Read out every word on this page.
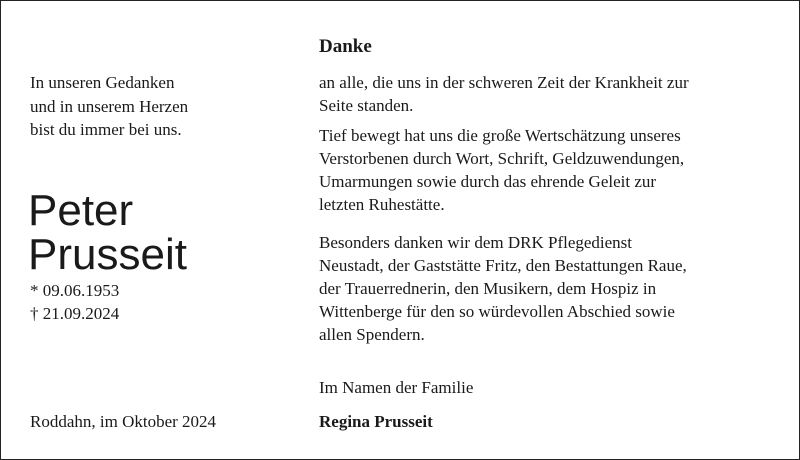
In unseren Gedanken
und in unserem Herzen
bist du immer bei uns.
Peter
Prusseit
* 09.06.1953
† 21.09.2024
Roddahn, im Oktober 2024
Danke
an alle, die uns in der schweren Zeit der Krankheit zur
Seite standen.
Tief bewegt hat uns die große Wertschätzung unseres
Verstorbenen durch Wort, Schrift, Geldzuwendungen,
Umarmungen sowie durch das ehrende Geleit zur
letzten Ruhestätte.
Besonders danken wir dem DRK Pflegedienst
Neustadt, der Gaststätte Fritz, den Bestattungen Raue,
der Trauerrednerin, den Musikern, dem Hospiz in
Wittenberge für den so würdevollen Abschied sowie
allen Spendern.
Im Namen der Familie
Regina Prusseit
